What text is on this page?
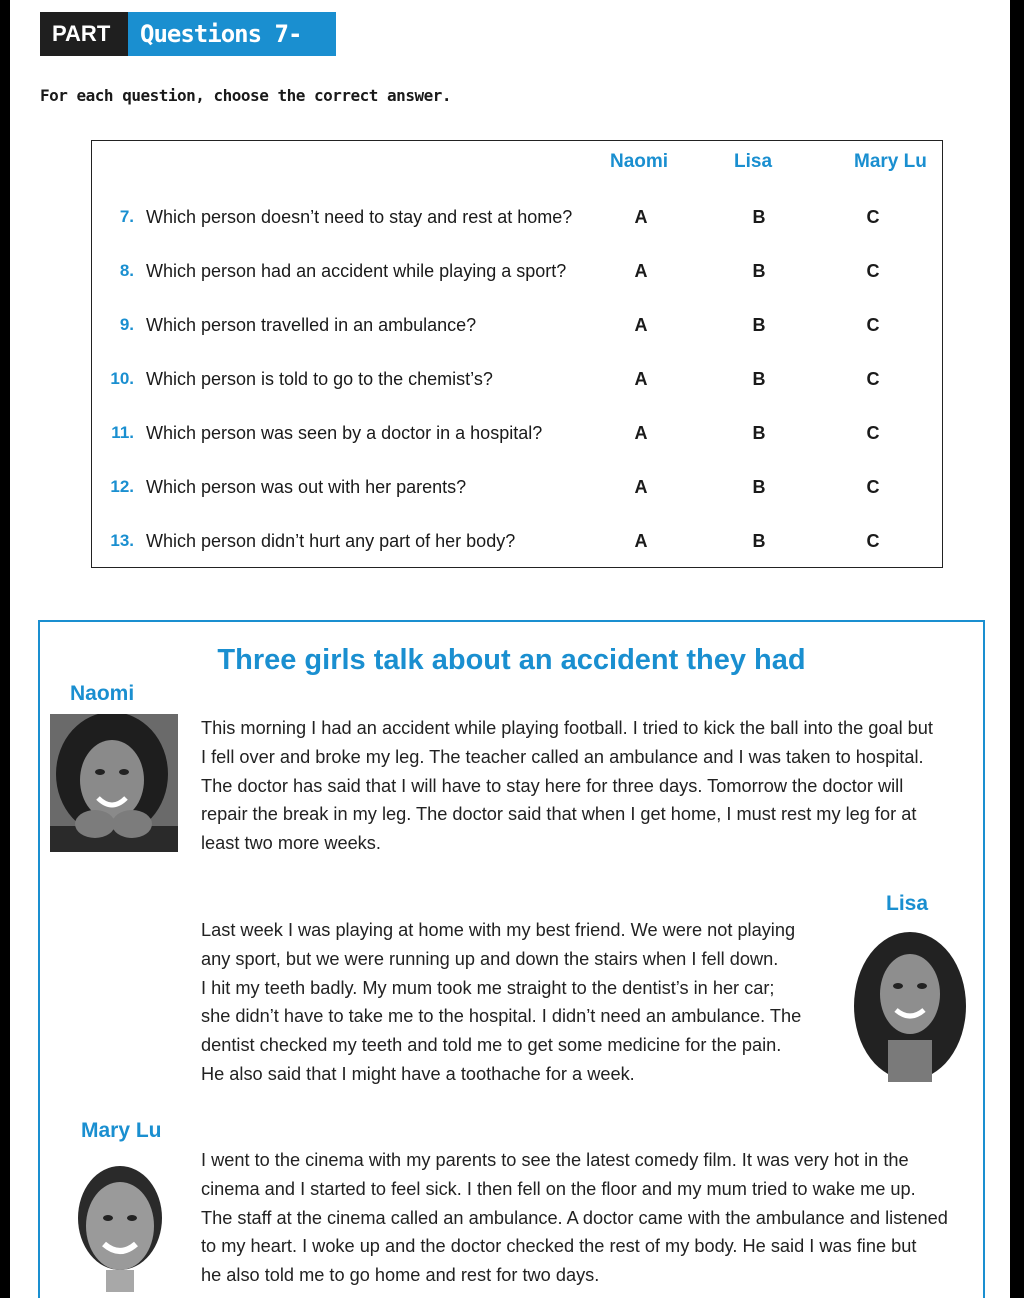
PART 2
Questions 7-13
For each question, choose the correct answer.
Naomi	Lisa	Mary Lu
7. Which person doesn’t need to stay and rest at home?	A	B	C
8. Which person had an accident while playing a sport?	A	B	C
9. Which person travelled in an ambulance?	A	B	C
10. Which person is told to go to the chemist’s?	A	B	C
11. Which person was seen by a doctor in a hospital?	A	B	C
12. Which person was out with her parents?	A	B	C
13. Which person didn’t hurt any part of her body?	A	B	C
Three girls talk about an accident they had
Naomi
This morning I had an accident while playing football. I tried to kick the ball into the goal but
I fell over and broke my leg. The teacher called an ambulance and I was taken to hospital.
The doctor has said that I will have to stay here for three days. Tomorrow the doctor will
repair the break in my leg. The doctor said that when I get home, I must rest my leg for at
least two more weeks.
Lisa
Last week I was playing at home with my best friend. We were not playing
any sport, but we were running up and down the stairs when I fell down.
I hit my teeth badly. My mum took me straight to the dentist’s in her car;
she didn’t have to take me to the hospital. I didn’t need an ambulance. The
dentist checked my teeth and told me to get some medicine for the pain.
He also said that I might have a toothache for a week.
Mary Lu
I went to the cinema with my parents to see the latest comedy film. It was very hot in the
cinema and I started to feel sick. I then fell on the floor and my mum tried to wake me up.
The staff at the cinema called an ambulance. A doctor came with the ambulance and listened
to my heart. I woke up and the doctor checked the rest of my body. He said I was fine but
he also told me to go home and rest for two days.
